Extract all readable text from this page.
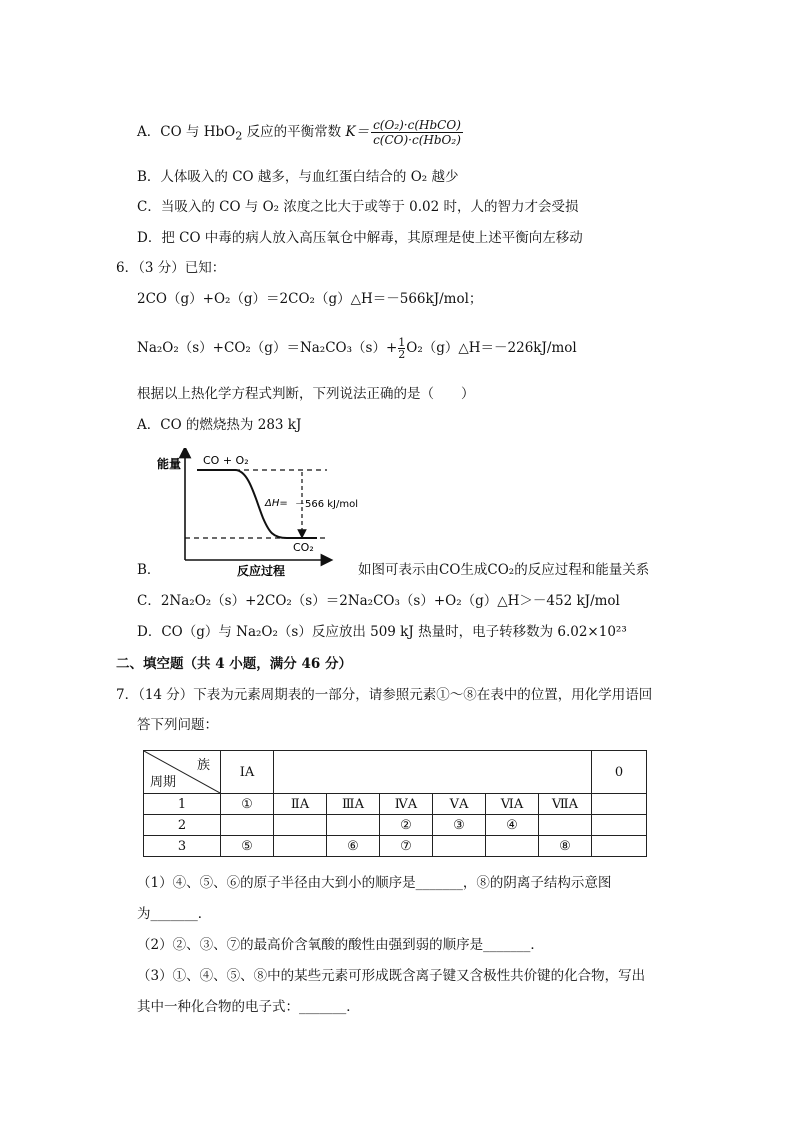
A．CO 与 HbO$_2$ 反应的平衡常数 $K= \frac{\text{c(O₂)·c(HbCO)}}{\text{c(CO)·c(HbO₂)}}$
B．人体吸入的 CO 越多，与血红蛋白结合的 O₂ 越少
C．当吸入的 CO 与 O₂ 浓度之比大于或等于 0.02 时，人的智力才会受损
D．把 CO 中毒的病人放入高压氧仓中解毒，其原理是使上述平衡向左移动
6．（3 分）已知：
2CO（g）+O₂（g）＝2CO₂（g）△H＝－566kJ/mol；
$Na_2O_2(s)+CO_2(g)=Na_2CO_3(s)+ \frac{1}{2}O_2(g)\triangle H=-226kJ$/mol
根据以上热化学方程式判断，下列说法正确的是（　　）
A．CO 的燃烧热为 283 kJ
能量 CO + O₂
ΔH= －566 kJ/mol
CO₂
反应过程
B．	如图可表示由CO生成CO₂的反应过程和能量关系
C．2Na₂O₂（s）+2CO₂（s）＝2Na₂CO₃（s）+O₂（g）△H＞－452 kJ/mol
D．CO（g）与 Na₂O₂（s）反应放出 509 kJ 热量时，电子转移数为 6.02×10²³
二、填空题（共 4 小题，满分 46 分）
7．（14 分）下表为元素周期表的一部分，请参照元素①～⑧在表中的位置，用化学用语回
答下列问题：
族
周期	ⅠA							0
1	①	ⅡA	ⅢA	ⅣA	ⅤA	ⅥA	ⅦA	
2				②	③	④		
3	⑤		⑥	⑦			⑧	
（1）④、⑤、⑥的原子半径由大到小的顺序是_______，⑧的阴离子结构示意图
为_______．
（2）②、③、⑦的最高价含氧酸的酸性由强到弱的顺序是_______．
（3）①、④、⑤、⑧中的某些元素可形成既含离子键又含极性共价键的化合物，写出
其中一种化合物的电子式：_______．
